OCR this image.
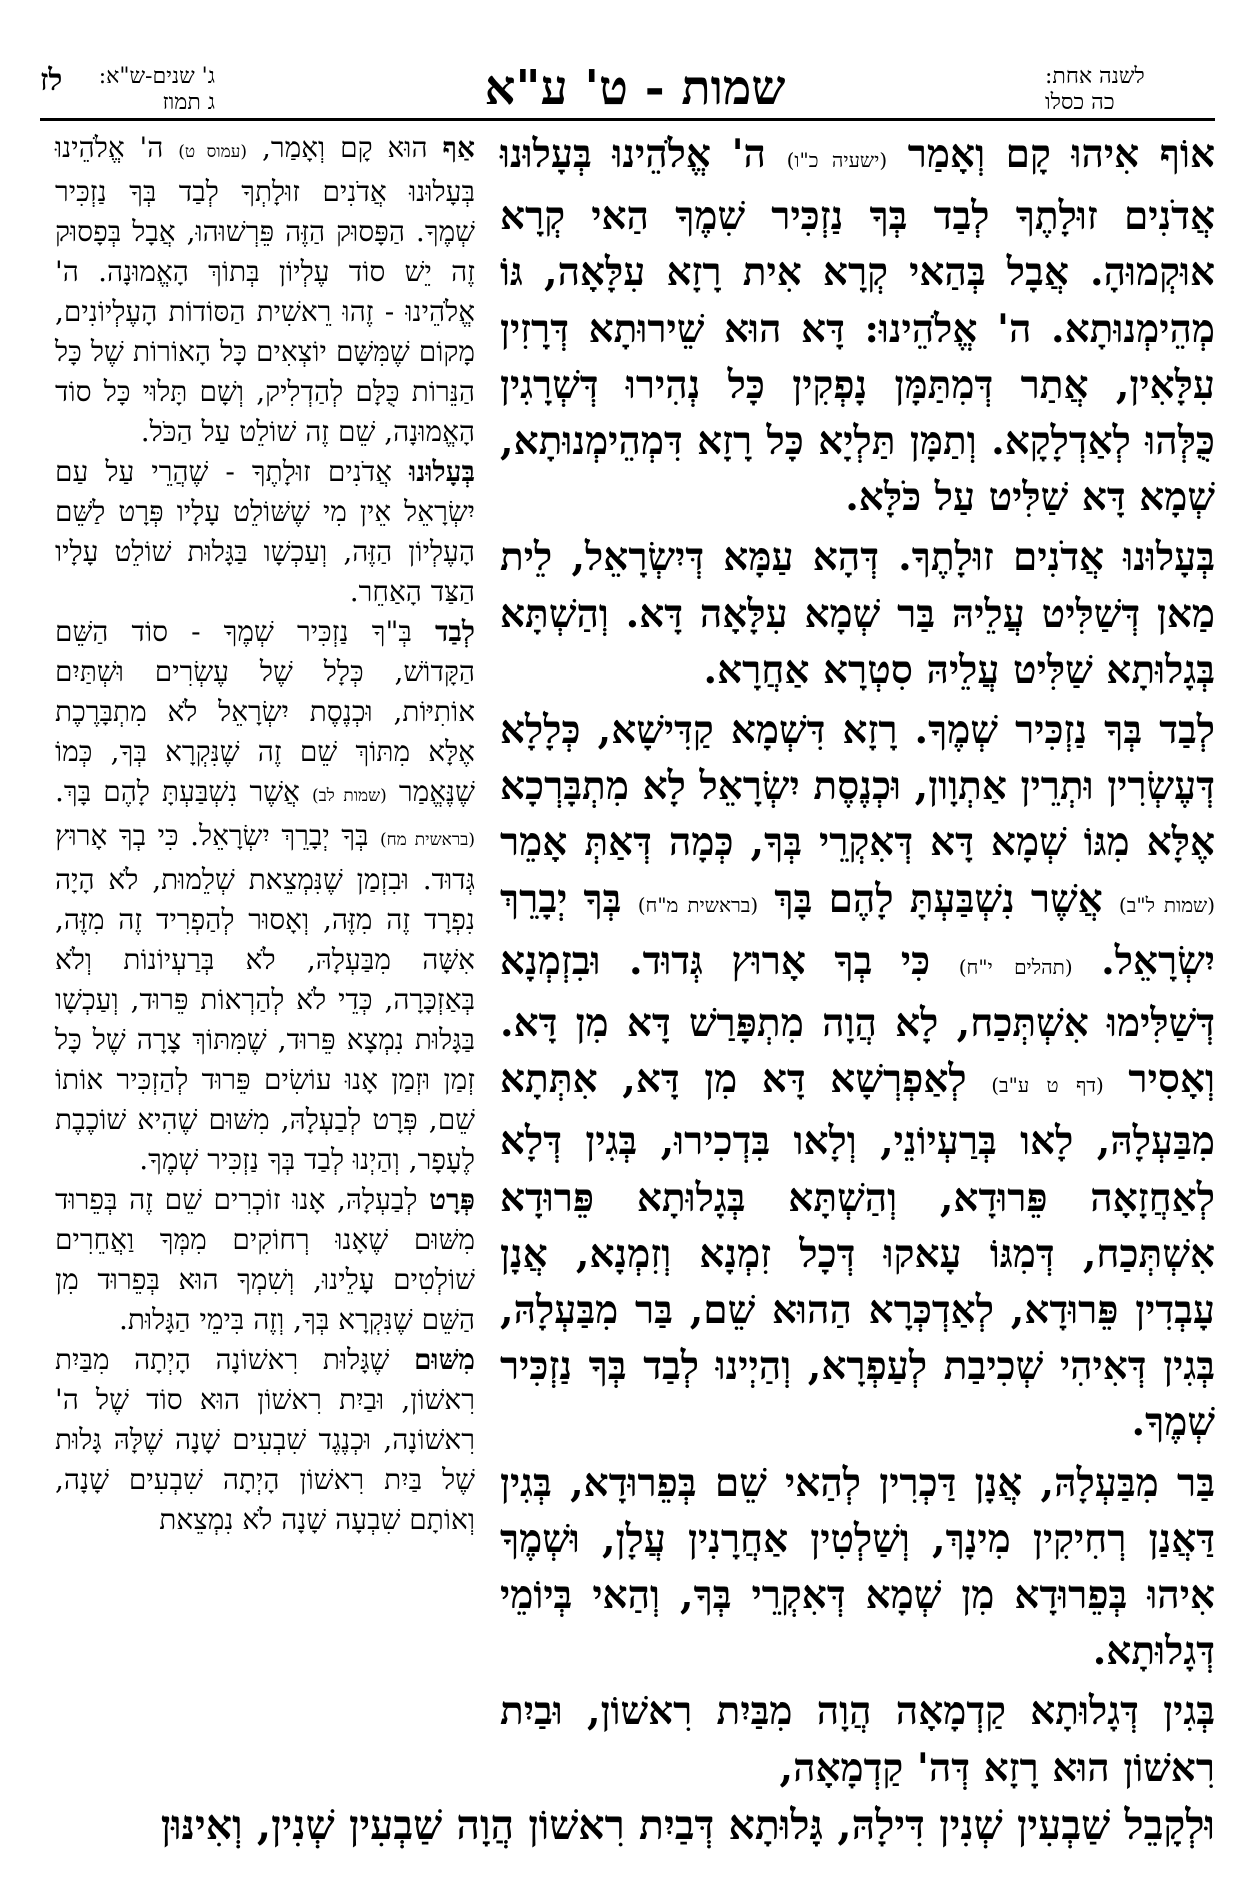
לז	ג' שנים-ש"א:
ג תמוז	שמות - ט' ע"א	לשנה אחת:
כה כסלו

אוֹף אִיהוּ קָם וְאָמַר (ישעיה כ"ו) ה' אֱלֹהֵינוּ בְּעָלוּנוּ אֲדֹנִים זוּלָתֶךָ לְבַד בְּךָ נַזְכִּיר שִׁמֶךָ הַאי קְרָא אוּקְמוּהָ. אֲבָל בְּהַאי קְרָא אִית רָזָא עִלָּאָה, גּוֹ מְהֵימְנוּתָא. ה' אֱלֹהֵינוּ: דָּא הוּא שֵׁירוּתָא דְּרָזִין עִלָּאִין, אֲתַר דְּמִתַּמָּן נָפְקִין כָּל נְהִירוּ דְּשְׁרָגִין כֻּלְּהוּ לְאַדְלָקָא. וְתַמָּן תַּלְיָא כָּל רָזָא דִּמְהֵימְנוּתָא, שְׁמָא דָּא שַׁלִּיט עַל כֹּלָּא.

בְּעָלוּנוּ אֲדֹנִים זוּלָתֶךָ. דְּהָא עַמָּא דְּיִשְׂרָאֵל, לֵית מַאן דְּשַׁלִּיט עֲלֵיהּ בַּר שְׁמָא עִלָּאָה דָּא. וְהַשְׁתָּא בְּגָלוּתָא שַׁלִּיט עֲלֵיהּ סִטְרָא אַחֲרָא.

לְבַד בְּךָ נַזְכִּיר שְׁמֶךָ. רָזָא דִּשְׁמָא קַדִּישָׁא, כְּלָלָא דְּעֶשְׂרִין וּתְרֵין אַתְוָון, וּכְנֶסֶת יִשְׂרָאֵל לָא מִתְבָּרְכָא אֶלָּא מִגּוֹ שְׁמָא דָּא דְּאִקְרֵי בְּךָ, כְּמָה דְּאַתְּ אָמֵר (שמות ל"ב) אֲשֶׁר נִשְׁבַּעְתָּ לָהֶם בָּךְ (בראשית מ"ח) בְּךָ יְבָרֵךְ יִשְׂרָאֵל. (תהלים י"ח) כִּי בְךָ אָרוּץ גְּדוּד. וּבִזְמְנָא דְּשַׁלִּימוּ אִשְׁתְּכַח, לָא הֲוָה מִתְפָּרַשׁ דָּא מִן דָּא. וְאָסִיר (דף ט ע"ב) לְאַפְרְשָׁא דָּא מִן דָּא, אִתְּתָא מִבַּעְלָהּ, לָאו בְּרַעְיוֹנֵי, וְלָאו בִּדְכִירוּ, בְּגִין דְּלָא לְאַחֲזָאָה פֵּרוּדָא, וְהַשְׁתָּא בְּגָלוּתָא פֵּרוּדָא אִשְׁתְּכַח, דְּמִגּוֹ עָאקוּ דְּכָל זִמְנָא וְזִמְנָא, אֲנָן עָבְדִין פֵּרוּדָא, לְאַדְכְּרָא הַהוּא שֵׁם, בַּר מִבַּעְלָהּ, בְּגִין דְּאִיהִי שְׁכִיבַת לְעַפְרָא, וְהַיְינוּ לְבַד בְּךָ נַזְכִּיר שְׁמֶךָ.

בַּר מִבַּעְלָהּ, אֲנָן דַּכְרִין לְהַאי שֵׁם בְּפֵרוּדָא, בְּגִין דַּאֲנַן רְחִיקִין מִינָךְ, וְשַׁלְטִין אַחֲרָנִין עֲלָן, וּשְׁמֶךָ אִיהוּ בְּפֵרוּדָא מִן שְׁמָא דְּאִקְרֵי בְּךָ, וְהַאי בְּיוֹמֵי דְּגָלוּתָא.

בְּגִין דְּגָלוּתָא קַדְמָאָה הֲוָה מִבַּיִת רִאשׁוֹן, וּבַיִת רִאשׁוֹן הוּא רָזָא דְּה' קַדְמָאָה,

אַף הוּא קָם וְאָמַר, (עמוס ט) ה' אֱלֹהֵינוּ בְּעָלוּנוּ אֲדֹנִים זוּלָתְךָ לְבַד בְּךָ נַזְכִּיר שְׁמֶךָ. הַפָּסוּק הַזֶּה פֵּרְשׁוּהוּ, אֲבָל בְּפָסוּק זֶה יֵשׁ סוֹד עֶלְיוֹן בְּתוֹךְ הָאֱמוּנָה. ה' אֱלֹהֵינוּ - זֶהוּ רֵאשִׁית הַסּוֹדוֹת הָעֶלְיוֹנִים, מָקוֹם שֶׁמִּשָּׁם יוֹצְאִים כָּל הָאוֹרוֹת שֶׁל כָּל הַנֵּרוֹת כֻּלָּם לְהַדְלִיק, וְשָׁם תָּלוּי כָּל סוֹד הָאֱמוּנָה, שֵׁם זֶה שׁוֹלֵט עַל הַכֹּל.

בְּעָלוּנוּ אֲדֹנִים זוּלָתֶךָ - שֶׁהֲרֵי עַל עַם יִשְׂרָאֵל אֵין מִי שֶׁשּׁוֹלֵט עָלָיו פְּרָט לַשֵּׁם הָעֶלְיוֹן הַזֶּה, וְעַכְשָׁו בַּגָּלוּת שׁוֹלֵט עָלָיו הַצַּד הָאַחֵר.

לְבַד בְּ"ךָ נַזְכִּיר שְׁמֶךָ - סוֹד הַשֵּׁם הַקָּדוֹשׁ, כְּלָל שֶׁל עֶשְׂרִים וּשְׁתַּיִם אוֹתִיּוֹת, וּכְנֶסֶת יִשְׂרָאֵל לֹא מִתְבָּרֶכֶת אֶלָּא מִתּוֹךְ שֵׁם זֶה שֶׁנִּקְרָא בְּךָ, כְּמוֹ שֶׁנֶּאֱמַר (שמות לב) אֲשֶׁר נִשְׁבַּעְתָּ לָהֶם בָּךְ. (בראשית מח) בְּךָ יְבָרֵךְ יִשְׂרָאֵל. כִּי בְךָ אָרוּץ גְּדוּד. וּבִזְמַן שֶׁנִּמְצֵאת שְׁלֵמוּת, לֹא הָיָה נִפְרָד זֶה מִזֶּה, וְאָסוּר לְהַפְרִיד זֶה מִזֶּה, אִשָּׁה מִבַּעְלָהּ, לֹא בְּרַעְיוֹנוֹת וְלֹא בְּאַזְכָּרָה, כְּדֵי לֹא לְהַרְאוֹת פֵּרוּד, וְעַכְשָׁו בַּגָּלוּת נִמְצָא פֵּרוּד, שֶׁמִּתּוֹךְ צָרָה שֶׁל כָּל זְמַן וּזְמַן אָנוּ עוֹשִׂים פֵּרוּד לְהַזְכִּיר אוֹתוֹ שֵׁם, פְּרָט לְבַעְלָהּ, מִשּׁוּם שֶׁהִיא שׁוֹכֶבֶת לֶעָפָר, וְהַיְנוּ לְבַד בְּךָ נַזְכִּיר שְׁמֶךָ.

פְּרָט לְבַעְלָהּ, אָנוּ זוֹכְרִים שֵׁם זֶה בְּפֵרוּד מִשּׁוּם שֶׁאָנוּ רְחוֹקִים מִמְּךָ וַאֲחֵרִים שׁוֹלְטִים עָלֵינוּ, וְשִׁמְךָ הוּא בְּפֵרוּד מִן הַשֵּׁם שֶׁנִּקְרָא בְּךָ, וְזֶה בִּימֵי הַגָּלוּת.

מִשּׁוּם שֶׁגָּלוּת רִאשׁוֹנָה הָיְתָה מִבַּיִת רִאשׁוֹן, וּבַיִת רִאשׁוֹן הוּא סוֹד שֶׁל ה' רִאשׁוֹנָה, וּכְנֶגֶד שִׁבְעִים שָׁנָה שֶׁלָּהּ גָּלוּת שֶׁל בַּיִת רִאשׁוֹן הָיְתָה שִׁבְעִים שָׁנָה, וְאוֹתָם שִׁבְעָה שָׁנָה לֹא נִמְצֵאת

וּלְקָבֵל שַׁבְעִין שְׁנִין דִּילָהּ, גָּלוּתָא דְּבַיִת רִאשׁוֹן הֲוָה שַׁבְעִין שְׁנִין, וְאִינּוּן
